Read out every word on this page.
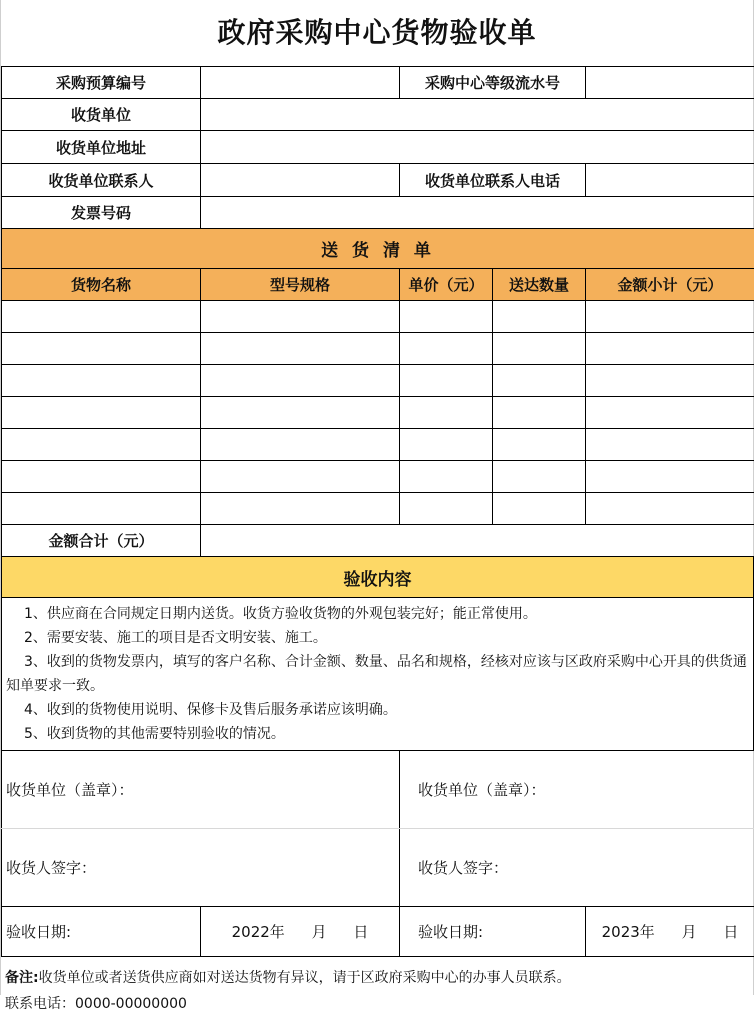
政府采购中心货物验收单
采购预算编号		采购中心等级流水号	
收货单位			
收货单位地址			
收货单位联系人		收货单位联系人电话	
发票号码			
送 货 清 单				
货物名称	型号规格	单价（元）	送达数量	金额小计（元）

金额合计（元）				
验收内容

1、供应商在合同规定日期内送货。收货方验收货物的外观包装完好；能正常使用。
2、需要安装、施工的项目是否文明安装、施工。
3、收到的货物发票内，填写的客户名称、合计金额、数量、品名和规格，经核对应该与区政府采购中心开具的供货通知单要求一致。
4、收到的货物使用说明、保修卡及售后服务承诺应该明确。
5、收到货物的其他需要特别验收的情况。
收货单位（盖章）：		收货单位（盖章）：	
收货人签字：		收货人签字：	
验收日期:	2022年 月 日	验收日期:	2023年 月 日
备注:收货单位或者送货供应商如对送达货物有异议，请于区政府采购中心的办事人员联系。
联系电话：0000-00000000
